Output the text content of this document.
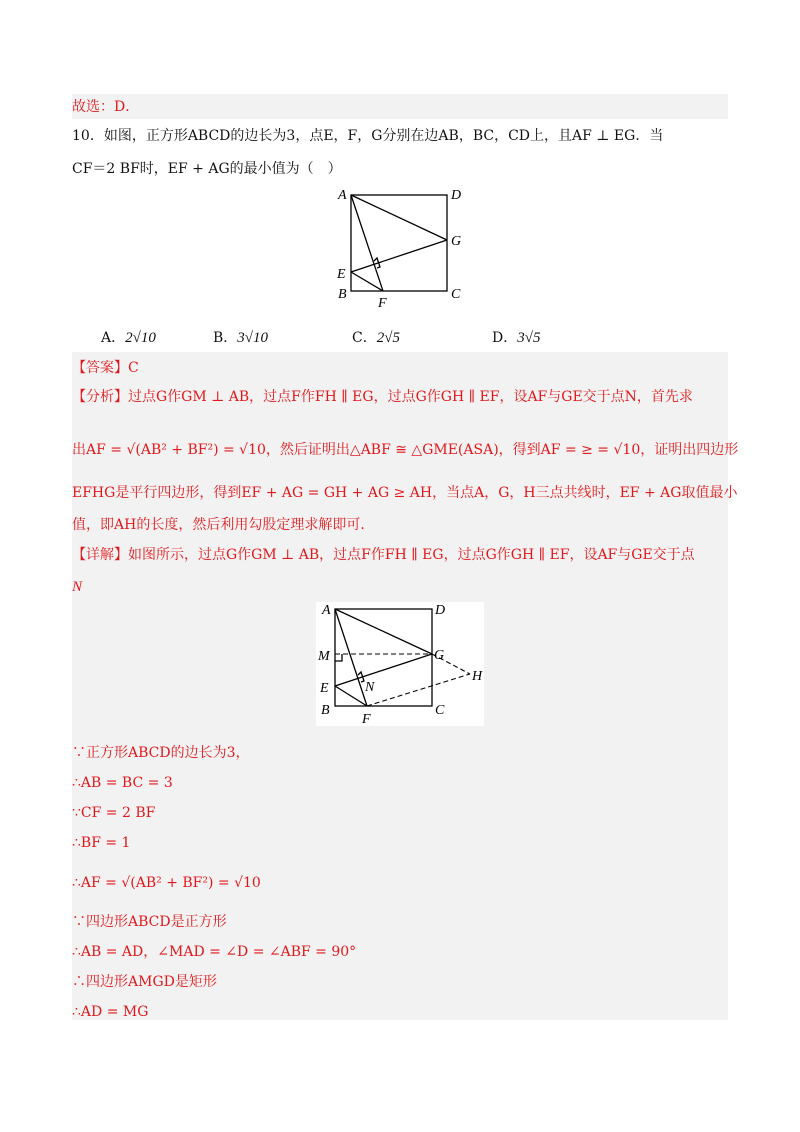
故选：D．
10．如图，正方形ABCD的边长为3，点E，F，G分别在边AB，BC，CD上，且AF ⊥ EG．当
CF＝2 BF时，EF + AG的最小值为（　）
A	D
G
E
B
F
C
A．2√10	B．3√10	C．2√5	D．3√5
【答案】C
【分析】过点G作GM ⊥ AB，过点F作FH ∥ EG，过点G作GH ∥ EF，设AF与GE交于点N，首先求
出AF = √(AB² + BF²) = √10，然后证明出△ABF ≅ △GME(ASA)，得到AF = ≥ = √10，证明出四边形
EFHG是平行四边形，得到EF + AG = GH + AG ≥ AH，当点A，G，H三点共线时，EF + AG取值最小
值，即AH的长度，然后利用勾股定理求解即可．
【详解】如图所示，过点G作GM ⊥ AB，过点F作FH ∥ EG，过点G作GH ∥ EF，设AF与GE交于点
N
A	D
M	G
H
N
E
B
F
C
∵正方形ABCD的边长为3，
∴AB = BC = 3
∵CF = 2 BF
∴BF = 1
∴AF = √(AB² + BF²) = √10
∵四边形ABCD是正方形
∴AB = AD，∠MAD = ∠D = ∠ABF = 90°
∴四边形AMGD是矩形
∴AD = MG
